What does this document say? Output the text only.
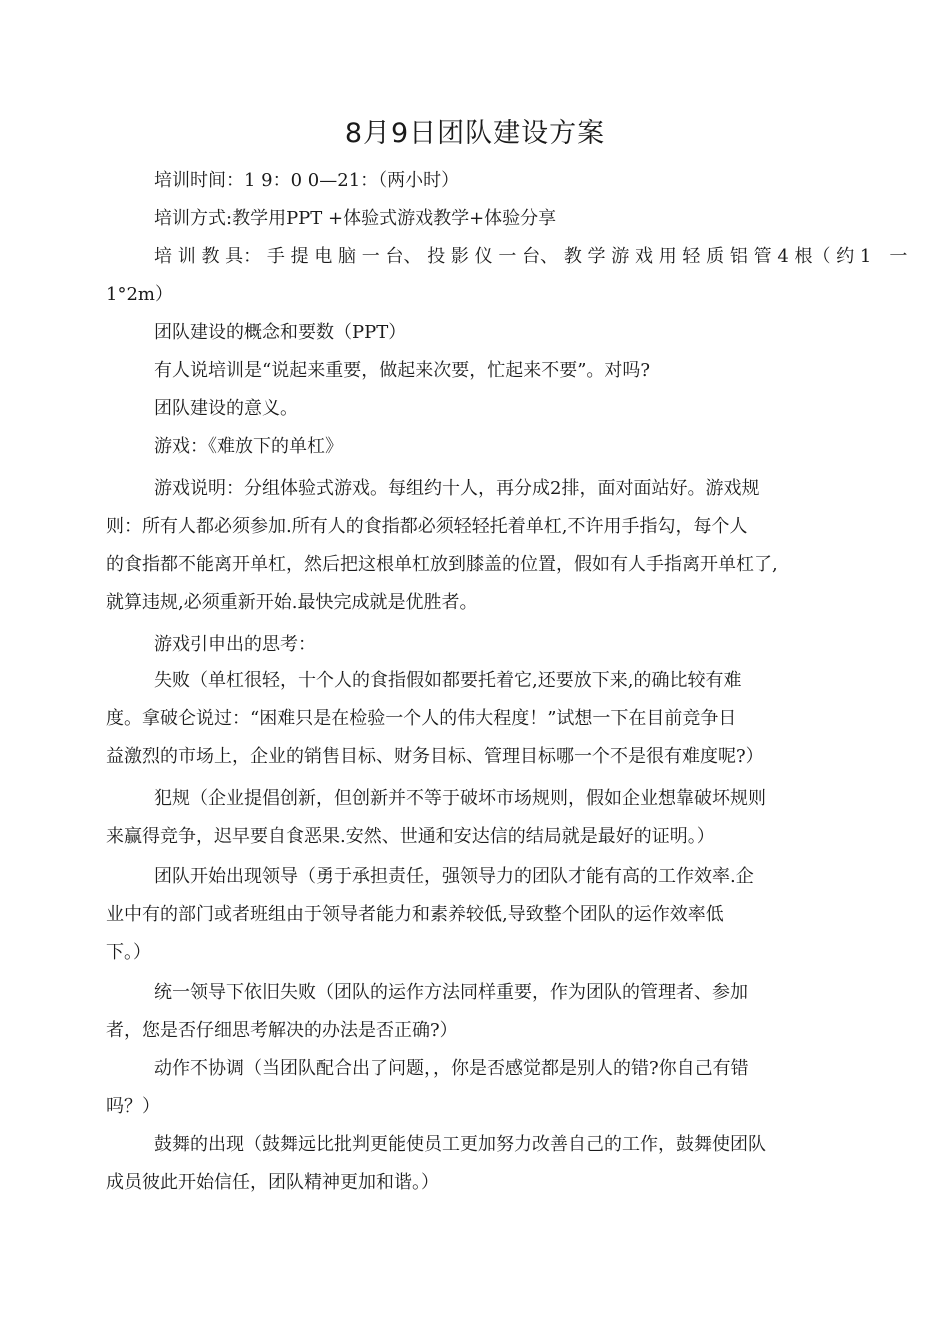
8月9日团队建设方案
培训时间：1 9：0 0—21：（两小时）
培训方式:教学用PPT +体验式游戏教学+体验分享
培 训 教 具： 手 提 电 脑 一 台、 投 影 仪 一 台、 教 学 游 戏 用 轻 质 铝 管 4 根（ 约 1　一
1°2m）
团队建设的概念和要数（PPT）
有人说培训是“说起来重要，做起来次要，忙起来不要”。对吗?
团队建设的意义。
游戏：《难放下的单杠》
游戏说明：分组体验式游戏。每组约十人，再分成2排，面对面站好。游戏规
则：所有人都必须参加.所有人的食指都必须轻轻托着单杠,不许用手指勾，每个人
的食指都不能离开单杠，然后把这根单杠放到膝盖的位置，假如有人手指离开单杠了,
就算违规,必须重新开始.最快完成就是优胜者。
游戏引申出的思考：
失败（单杠很轻，十个人的食指假如都要托着它,还要放下来,的确比较有难
度。拿破仑说过：“困难只是在检验一个人的伟大程度！”试想一下在目前竞争日
益激烈的市场上，企业的销售目标、财务目标、管理目标哪一个不是很有难度呢?）
犯规（企业提倡创新，但创新并不等于破坏市场规则，假如企业想靠破坏规则
来赢得竞争，迟早要自食恶果.安然、世通和安达信的结局就是最好的证明。）
团队开始出现领导（勇于承担责任，强领导力的团队才能有高的工作效率.企
业中有的部门或者班组由于领导者能力和素养较低,导致整个团队的运作效率低
下。）
统一领导下依旧失败（团队的运作方法同样重要，作为团队的管理者、参加
者，您是否仔细思考解决的办法是否正确?）
动作不协调（当团队配合出了问题，，你是否感觉都是别人的错?你自己有错
吗？）
鼓舞的出现（鼓舞远比批判更能使员工更加努力改善自己的工作，鼓舞使团队
成员彼此开始信任，团队精神更加和谐。）
